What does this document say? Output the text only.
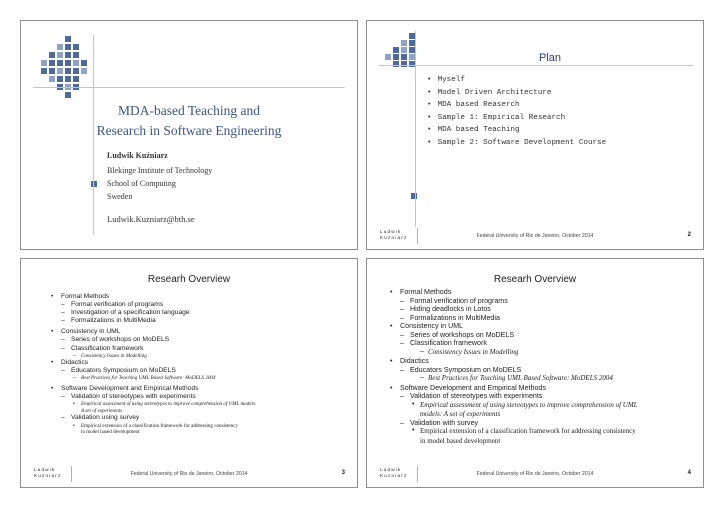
MDA-based Teaching and
Research in Software Engineering
Ludwik Kuźniarz
Blekinge Institute of Technology
School of Computing
Sweden
Ludwik.Kuzniarz@bth.se
Plan
• Myself
• Model Driven Architecture
• MDA based Reaserch
• Sample 1: Empirical Research
• MDA based Teaching
• Sample 2: Software Development Course
Ludwik
Kuzniarz	Federal University of Rio de Janeiro, October 2014	2
Researh Overview
• Formal Methods
– Formal verification of programs
– Investigation of a specification language
– Formalizations in MultiMedia
• Consistency in UML
– Series of workshops on MoDELS
– Classification framework
– Consistency Issues in Modelling
• Didactics
– Educators Symposium on MoDELS
– Best Practices for Teaching UML Based Software: MoDELS 2004
• Software Development and Empirical Methods
– Validation of stereotypes with experiments
• Empirical assessment of using stereotypes to improve comprehension of UML models:
A set of experiments
– Validation using survey
• Empirical extension of a classification framework for addressing consistency
in model based development
Ludwik
Kuzniarz	Federal University of Rio de Janeiro, October 2014	3
Researh Overview
• Formal Methods
– Formal verification of programs
– Hiding deadlocks in Lotos
– Formalizations in MultiMedia
• Consistency in UML
– Series of workshops on MoDELS
– Classification framework
– Consistency Issues in Modelling
• Didactics
– Educators Symposium on MoDELS
– Best Practices for Teaching UML Based Software: MoDELS 2004
• Software Development and Empirical Methods
– Validation of stereotypes with experiments
• Empirical assessment of using stereotypes to improve comprehension of UML
models: A set of experiments
– Validation with survey
• Empirical extension of a classification framework for addressing consistency
in model based development
Ludwik
Kuzniarz	Federal University of Rio de Janeiro, October 2014	4
